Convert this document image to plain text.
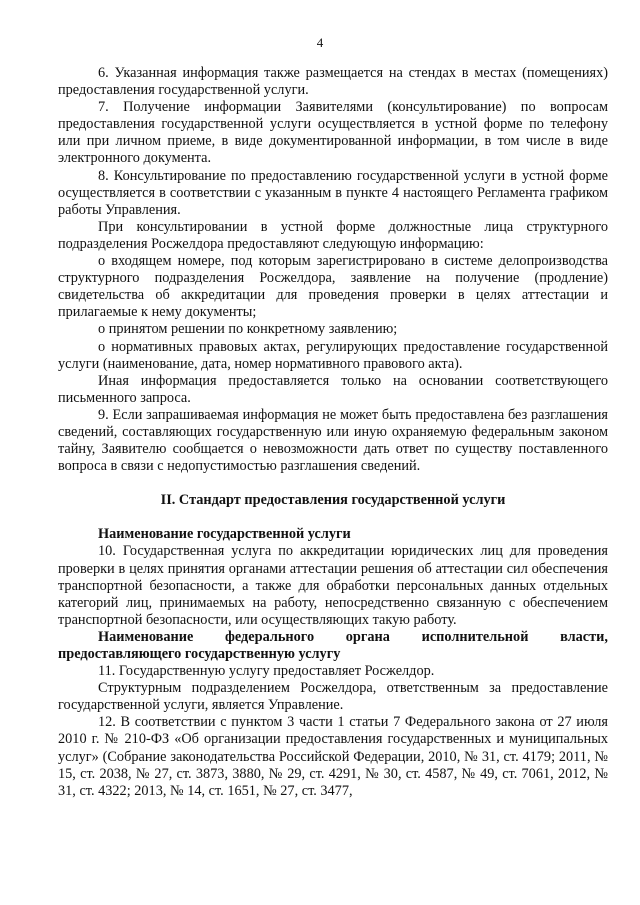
4

6. Указанная информация также размещается на стендах в местах (помещениях) предоставления государственной услуги.

7. Получение информации Заявителями (консультирование) по вопросам предоставления государственной услуги осуществляется в устной форме по телефону или при личном приеме, в виде документированной информации, в том числе в виде электронного документа.

8. Консультирование по предоставлению государственной услуги в устной форме осуществляется в соответствии с указанным в пункте 4 настоящего Регламента графиком работы Управления.

При консультировании в устной форме должностные лица структурного подразделения Росжелдора предоставляют следующую информацию:

о входящем номере, под которым зарегистрировано в системе делопроизводства структурного подразделения Росжелдора, заявление на получение (продление) свидетельства об аккредитации для проведения проверки в целях аттестации и прилагаемые к нему документы;

о принятом решении по конкретному заявлению;

о нормативных правовых актах, регулирующих предоставление государственной услуги (наименование, дата, номер нормативного правового акта).

Иная информация предоставляется только на основании соответствующего письменного запроса.

9. Если запрашиваемая информация не может быть предоставлена без разглашения сведений, составляющих государственную или иную охраняемую федеральным законом тайну, Заявителю сообщается о невозможности дать ответ по существу поставленного вопроса в связи с недопустимостью разглашения сведений.

II. Стандарт предоставления государственной услуги

Наименование государственной услуги

10. Государственная услуга по аккредитации юридических лиц для проведения проверки в целях принятия органами аттестации решения об аттестации сил обеспечения транспортной безопасности, а также для обработки персональных данных отдельных категорий лиц, принимаемых на работу, непосредственно связанную с обеспечением транспортной безопасности, или осуществляющих такую работу.

Наименование федерального органа исполнительной власти, предоставляющего государственную услугу

11. Государственную услугу предоставляет Росжелдор.

Структурным подразделением Росжелдора, ответственным за предоставление государственной услуги, является Управление.

12. В соответствии с пунктом 3 части 1 статьи 7 Федерального закона от 27 июля 2010 г. № 210-ФЗ «Об организации предоставления государственных и муниципальных услуг» (Собрание законодательства Российской Федерации, 2010, № 31, ст. 4179; 2011, № 15, ст. 2038, № 27, ст. 3873, 3880, № 29, ст. 4291, № 30, ст. 4587, № 49, ст. 7061, 2012, № 31, ст. 4322; 2013, № 14, ст. 1651, № 27, ст. 3477,
